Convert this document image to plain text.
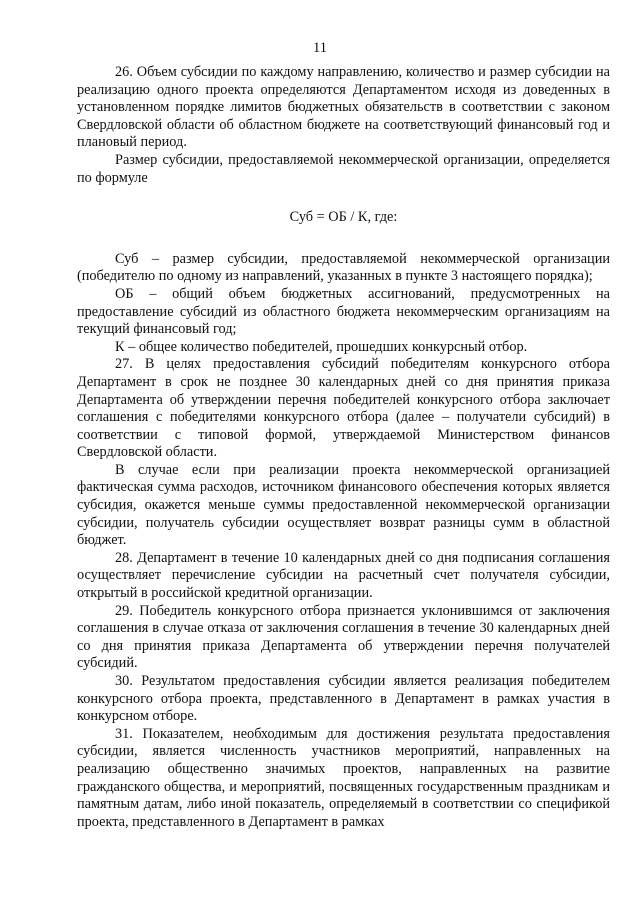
11

26. Объем субсидии по каждому направлению, количество и размер субсидии на реализацию одного проекта определяются Департаментом исходя из доведенных в установленном порядке лимитов бюджетных обязательств в соответствии с законом Свердловской области об областном бюджете на соответствующий финансовый год и плановый период.

Размер субсидии, предоставляемой некоммерческой организации, определяется по формуле

Суб = ОБ / К, где:

Суб – размер субсидии, предоставляемой некоммерческой организации (победителю по одному из направлений, указанных в пункте 3 настоящего порядка);

ОБ – общий объем бюджетных ассигнований, предусмотренных на предоставление субсидий из областного бюджета некоммерческим организациям на текущий финансовый год;

К – общее количество победителей, прошедших конкурсный отбор.

27. В целях предоставления субсидий победителям конкурсного отбора Департамент в срок не позднее 30 календарных дней со дня принятия приказа Департамента об утверждении перечня победителей конкурсного отбора заключает соглашения с победителями конкурсного отбора (далее – получатели субсидий) в соответствии с типовой формой, утверждаемой Министерством финансов Свердловской области.

В случае если при реализации проекта некоммерческой организацией фактическая сумма расходов, источником финансового обеспечения которых является субсидия, окажется меньше суммы предоставленной некоммерческой организации субсидии, получатель субсидии осуществляет возврат разницы сумм в областной бюджет.

28. Департамент в течение 10 календарных дней со дня подписания соглашения осуществляет перечисление субсидии на расчетный счет получателя субсидии, открытый в российской кредитной организации.

29. Победитель конкурсного отбора признается уклонившимся от заключения соглашения в случае отказа от заключения соглашения в течение 30 календарных дней со дня принятия приказа Департамента об утверждении перечня получателей субсидий.

30. Результатом предоставления субсидии является реализация победителем конкурсного отбора проекта, представленного в Департамент в рамках участия в конкурсном отборе.

31. Показателем, необходимым для достижения результата предоставления субсидии, является численность участников мероприятий, направленных на реализацию общественно значимых проектов, направленных на развитие гражданского общества, и мероприятий, посвященных государственным праздникам и памятным датам, либо иной показатель, определяемый в соответствии со спецификой проекта, представленного в Департамент в рамках
